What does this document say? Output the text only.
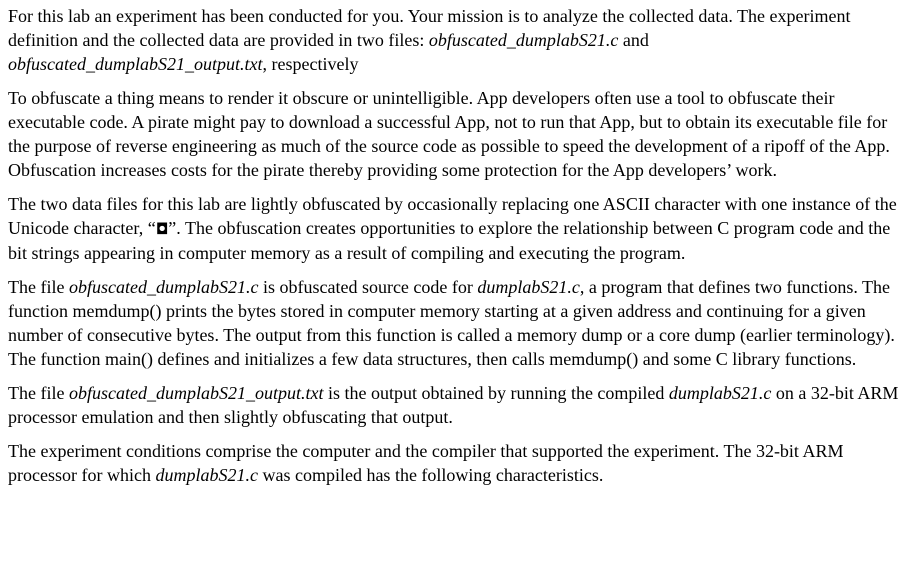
For this lab an experiment has been conducted for you. Your mission is to analyze the collected data. The experiment definition and the collected data are provided in two files: obfuscated_dumplabS21.c and obfuscated_dumplabS21_output.txt, respectively

To obfuscate a thing means to render it obscure or unintelligible. App developers often use a tool to obfuscate their executable code. A pirate might pay to download a successful App, not to run that App, but to obtain its executable file for the purpose of reverse engineering as much of the source code as possible to speed the development of a ripoff of the App. Obfuscation increases costs for the pirate thereby providing some protection for the App developers’ work.

The two data files for this lab are lightly obfuscated by occasionally replacing one ASCII character with one instance of the Unicode character, “◘”. The obfuscation creates opportunities to explore the relationship between C program code and the bit strings appearing in computer memory as a result of compiling and executing the program.

The file obfuscated_dumplabS21.c is obfuscated source code for dumplabS21.c, a program that defines two functions. The function memdump() prints the bytes stored in computer memory starting at a given address and continuing for a given number of consecutive bytes. The output from this function is called a memory dump or a core dump (earlier terminology). The function main() defines and initializes a few data structures, then calls memdump() and some C library functions.

The file obfuscated_dumplabS21_output.txt is the output obtained by running the compiled dumplabS21.c on a 32-bit ARM processor emulation and then slightly obfuscating that output.

The experiment conditions comprise the computer and the compiler that supported the experiment. The 32-bit ARM processor for which dumplabS21.c was compiled has the following characteristics.
